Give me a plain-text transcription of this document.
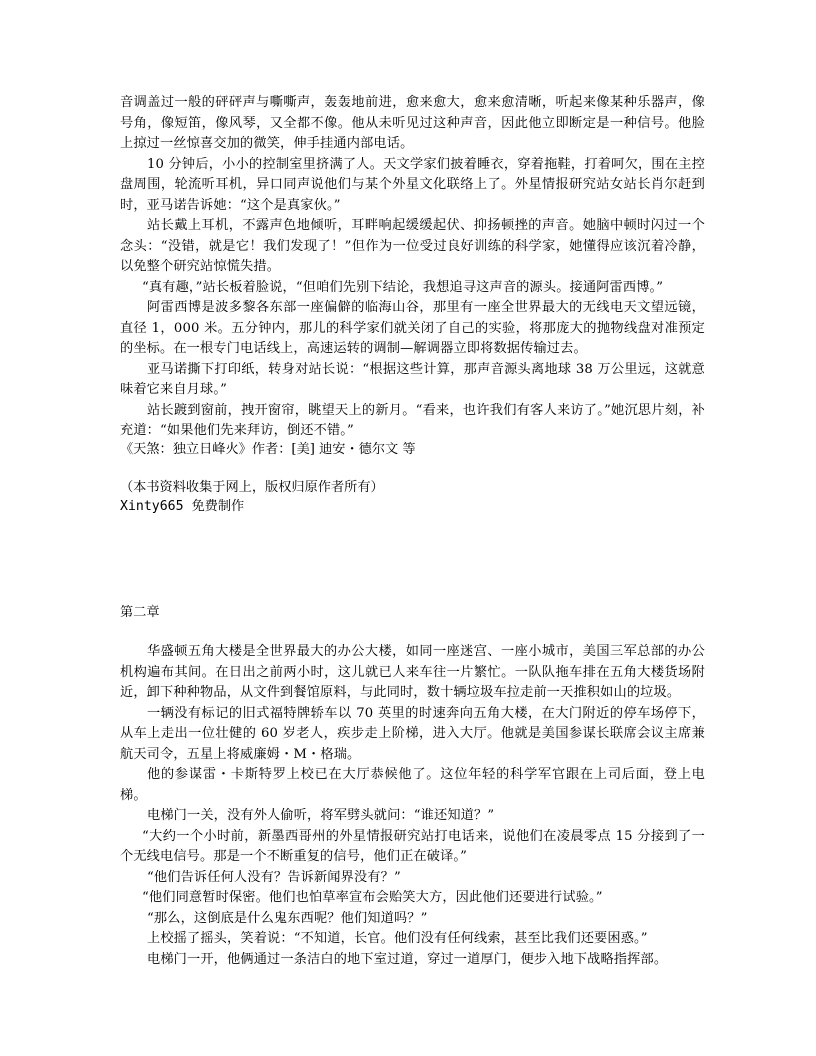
音调盖过一般的砰砰声与嘶嘶声，轰轰地前进，愈来愈大，愈来愈清晰，听起来像某种乐器声，像号角，像短笛，像风琴，又全都不像。他从未听见过这种声音，因此他立即断定是一种信号。他脸上掠过一丝惊喜交加的微笑，伸手挂通内部电话。

10 分钟后，小小的控制室里挤满了人。天文学家们披着睡衣，穿着拖鞋，打着呵欠，围在主控盘周围，轮流听耳机，异口同声说他们与某个外星文化联络上了。外星情报研究站女站长肖尔赶到时，亚马诺告诉她：“这个是真家伙。”

站长戴上耳机，不露声色地倾听，耳畔响起缓缓起伏、抑扬顿挫的声音。她脑中顿时闪过一个念头：“没错，就是它！我们发现了！”但作为一位受过良好训练的科学家，她懂得应该沉着冷静，以免整个研究站惊慌失措。

“真有趣，”站长板着脸说，“但咱们先别下结论，我想追寻这声音的源头。接通阿雷西博。”

阿雷西博是波多黎各东部一座偏僻的临海山谷，那里有一座全世界最大的无线电天文望远镜，直径 1，000 米。五分钟内，那儿的科学家们就关闭了自己的实验，将那庞大的抛物线盘对准预定的坐标。在一根专门电话线上，高速运转的调制—解调器立即将数据传输过去。

亚马诺撕下打印纸，转身对站长说：“根据这些计算，那声音源头离地球 38 万公里远，这就意味着它来自月球。”

站长踱到窗前，拽开窗帘，眺望天上的新月。“看来，也许我们有客人来访了。”她沉思片刻，补充道：“如果他们先来拜访，倒还不错。”

《天煞：独立日峰火》作者：[美] 迪安・德尔文 等
（本书资料收集于网上，版权归原作者所有）
Xinty665 免费制作
第二章

华盛顿五角大楼是全世界最大的办公大楼，如同一座迷宫、一座小城市，美国三军总部的办公机构遍布其间。在日出之前两小时，这儿就已人来车往一片繁忙。一队队拖车排在五角大楼货场附近，卸下种种物品，从文件到餐馆原料，与此同时，数十辆垃圾车拉走前一天推积如山的垃圾。

一辆没有标记的旧式福特牌轿车以 70 英里的时速奔向五角大楼，在大门附近的停车场停下，从车上走出一位壮健的 60 岁老人，疾步走上阶梯，进入大厅。他就是美国参谋长联席会议主席兼航天司令，五星上将威廉姆・M・格瑞。

他的参谋雷・卡斯特罗上校已在大厅恭候他了。这位年轻的科学军官跟在上司后面，登上电梯。

电梯门一关，没有外人偷听，将军劈头就问：“谁还知道？”

“大约一个小时前，新墨西哥州的外星情报研究站打电话来，说他们在凌晨零点 15 分接到了一个无线电信号。那是一个不断重复的信号，他们正在破译。”

“他们告诉任何人没有？告诉新闻界没有？”

“他们同意暂时保密。他们也怕草率宣布会贻笑大方，因此他们还要进行试验。”

“那么，这倒底是什么鬼东西呢？他们知道吗？”

上校摇了摇头，笑着说：“不知道，长官。他们没有任何线索，甚至比我们还要困惑。”

电梯门一开，他俩通过一条洁白的地下室过道，穿过一道厚门，便步入地下战略指挥部。
